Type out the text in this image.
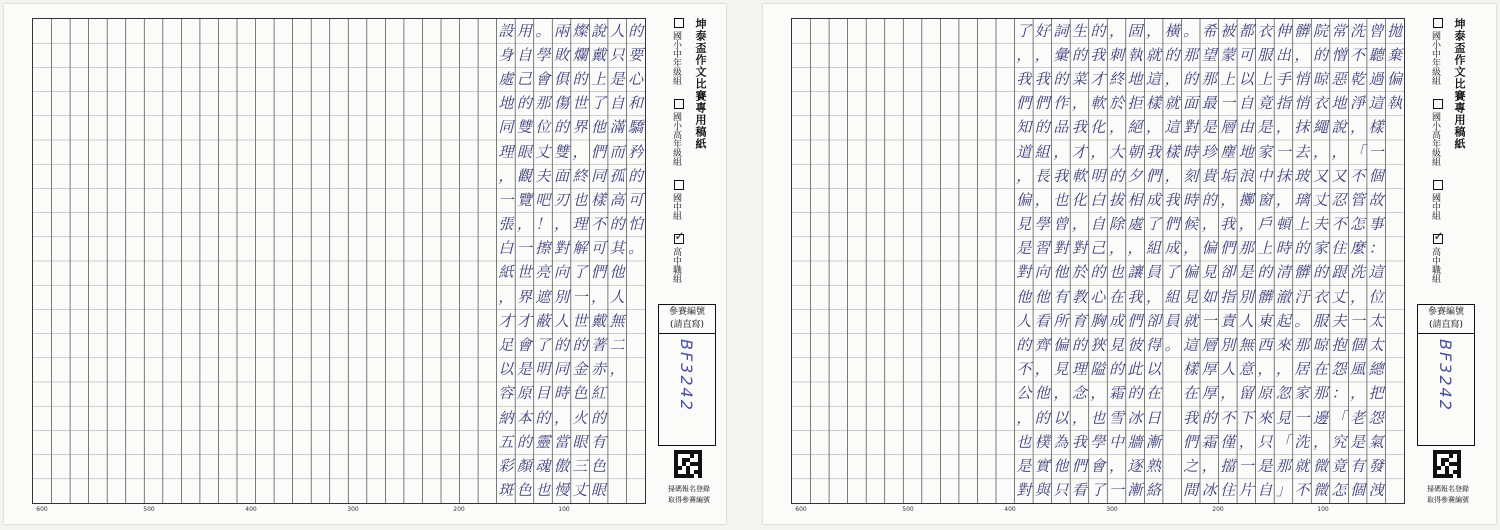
的
要
心
和
驕
矜
的
可
怕
。
人
只
是
自
滿
而
孤
高
的
其
他
人
無
二
，
說
戴
上
了
他
們
同
樣
不
可
們
，
戴
著
赤
紅
的
有
色
眼
燦
爛
的
世
界
，
終
也
理
解
了
一
世
的
金
色
火
眼
三
丈
兩
敗
俱
傷
的
雙
面
刃
，
對
向
別
人
的
同
時
，
當
傲
慢
。
學
會
那
位
丈
夫
吧
！
擦
亮
遮
蔽
了
明
目
的
靈
魂
也
用
自
己
的
雙
眼
觀
覽
，
一
世
界
才
會
是
原
本
的
顏
色
設
身
處
地
同
理
，
一
張
白
紙
，
才
足
以
容
納
五
彩
斑
600	500	400	300	200	100
坤泰盃作文比賽專用稿紙
國小中年級組國小高年級組國中組✓高中職組
參賽編號
(請直寫)
BF3242
掃碼報名登錄
取得參賽編號
拋
棄
偏
執
曾
聽
過
這
樣
一
個
故
事
：
這
位
太
太
總
把
怨
氣
發
洩
洗
不
乾
淨
，
「
不
管
怎
麼
洗
，
一
個
風
，
老
是
有
個
常
憎
惡
地
說
，
又
忍
不
住
跟
丈
夫
抱
怨
：
「
究
竟
怎
院
的
晾
衣
繩
，
又
丈
夫
家
的
衣
服
晾
在
那
邊
，
微
微
髒
，
悄
悄
抹
去
玻
璃
上
的
髒
汙
。
那
居
家
一
洗
就
不
伸
出
手
指
，
一
抹
，
頓
時
清
澈
起
來
，
忽
見
「
那
」
衣
服
上
竟
是
家
中
窗
戶
上
的
髒
東
西
，
原
來
只
是
自
都
可
以
自
由
地
浪
擲
，
那
是
別
人
無
意
留
下
，
一
片
被
蒙
上
一
層
塵
垢
，
我
們
卻
指
責
別
人
，
不
僅
擋
住
希
望
那
最
是
珍
貴
的
，
偏
見
如
一
層
厚
厚
的
霜
，
冰
。
那
的
面
對
時
刻
時
候
，
偏
見
就
這
樣
在
我
們
之
間
橫
的
，
就
這
樣
，
我
們
成
了
組
員
。
，
就
這
樣
，
我
們
成
了
組
員
，
卻
得
以
在
日
漸
熟
絡
固
執
地
拒
絕
朝
夕
相
處
，
讓
我
們
彼
此
的
冰
牆
逐
漸
，
刺
終
於
，
大
的
拔
除
，
也
在
成
見
的
霜
雪
中
，
一
的
我
才
軟
化
，
明
白
自
己
的
心
胸
狹
隘
，
也
學
會
了
生
的
菜
，
我
才
軟
化
，
對
於
教
育
的
理
念
，
我
們
看
詞
彙
的
作
品
，
我
也
曾
對
他
有
所
偏
見
，
以
為
他
只
好
，
我
們
的
組
長
，
學
習
向
他
看
齊
，
他
的
樸
實
與
了
，
我
們
知
道
，
偏
見
是
對
他
人
的
不
公
，
也
是
對
600	500	400	300	200	100
坤泰盃作文比賽專用稿紙
國小中年級組國小高年級組國中組✓高中職組
參賽編號
(請直寫)
BF3242
掃碼報名登錄
取得參賽編號
